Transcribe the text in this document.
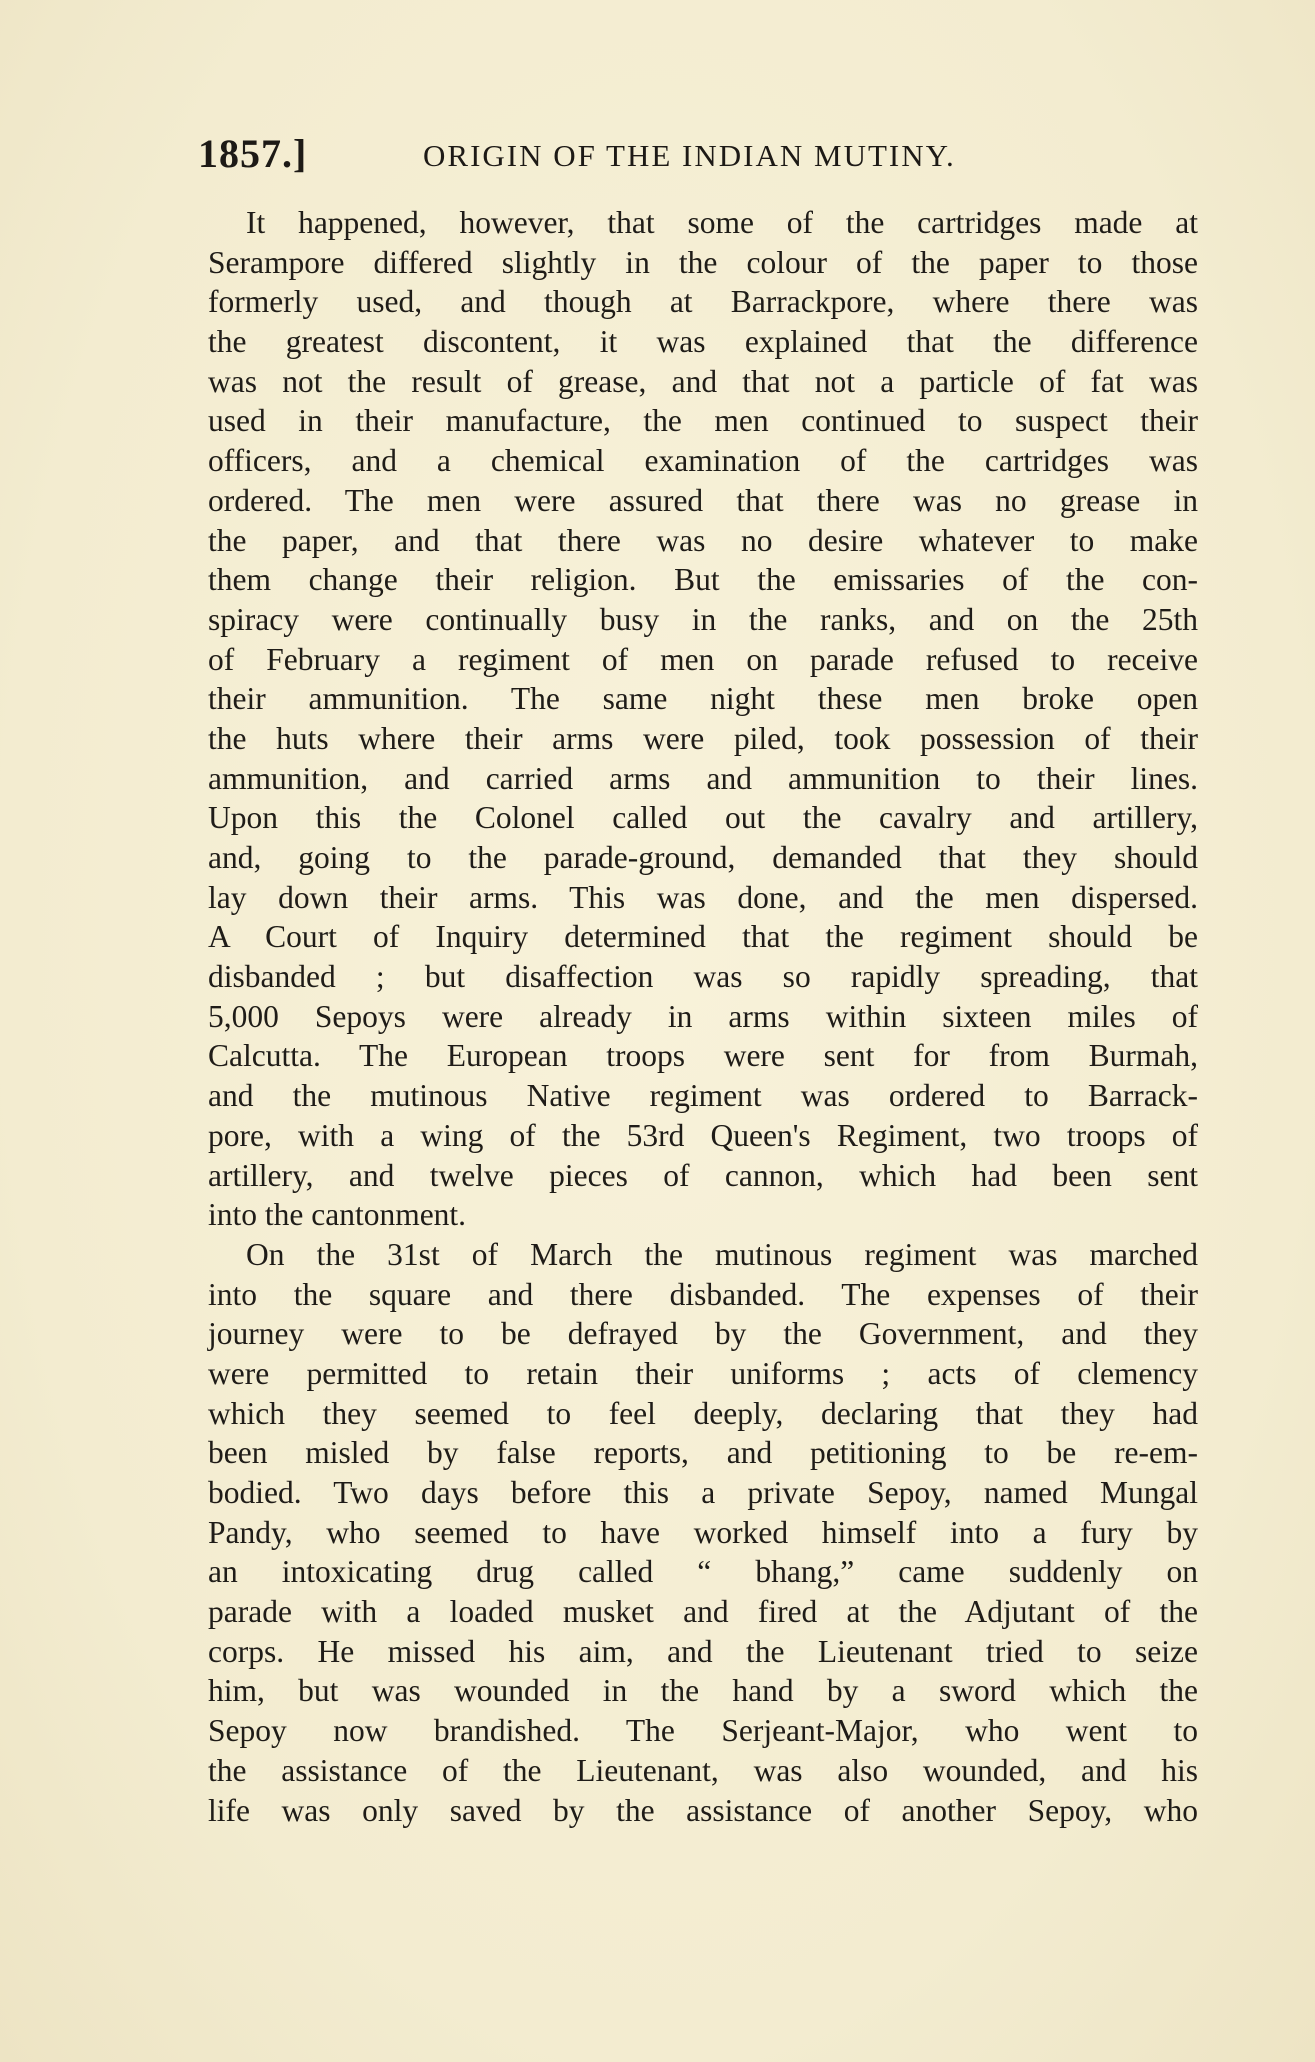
1857.]	ORIGIN OF THE INDIAN MUTINY.
It happened, however, that some of the cartridges made at
Serampore differed slightly in the colour of the paper to those
formerly used, and though at Barrackpore, where there was
the greatest discontent, it was explained that the difference
was not the result of grease, and that not a particle of fat was
used in their manufacture, the men continued to suspect their
officers, and a chemical examination of the cartridges was
ordered. The men were assured that there was no grease in
the paper, and that there was no desire whatever to make
them change their religion. But the emissaries of the con-
spiracy were continually busy in the ranks, and on the 25th
of February a regiment of men on parade refused to receive
their ammunition. The same night these men broke open
the huts where their arms were piled, took possession of their
ammunition, and carried arms and ammunition to their lines.
Upon this the Colonel called out the cavalry and artillery,
and, going to the parade-ground, demanded that they should
lay down their arms. This was done, and the men dispersed.
A Court of Inquiry determined that the regiment should be
disbanded ; but disaffection was so rapidly spreading, that
5,000 Sepoys were already in arms within sixteen miles of
Calcutta. The European troops were sent for from Burmah,
and the mutinous Native regiment was ordered to Barrack-
pore, with a wing of the 53rd Queen's Regiment, two troops of
artillery, and twelve pieces of cannon, which had been sent
into the cantonment.
On the 31st of March the mutinous regiment was marched
into the square and there disbanded. The expenses of their
journey were to be defrayed by the Government, and they
were permitted to retain their uniforms ; acts of clemency
which they seemed to feel deeply, declaring that they had
been misled by false reports, and petitioning to be re-em-
bodied. Two days before this a private Sepoy, named Mungal
Pandy, who seemed to have worked himself into a fury by
an intoxicating drug called “ bhang,” came suddenly on
parade with a loaded musket and fired at the Adjutant of the
corps. He missed his aim, and the Lieutenant tried to seize
him, but was wounded in the hand by a sword which the
Sepoy now brandished. The Serjeant-Major, who went to
the assistance of the Lieutenant, was also wounded, and his
life was only saved by the assistance of another Sepoy, who
